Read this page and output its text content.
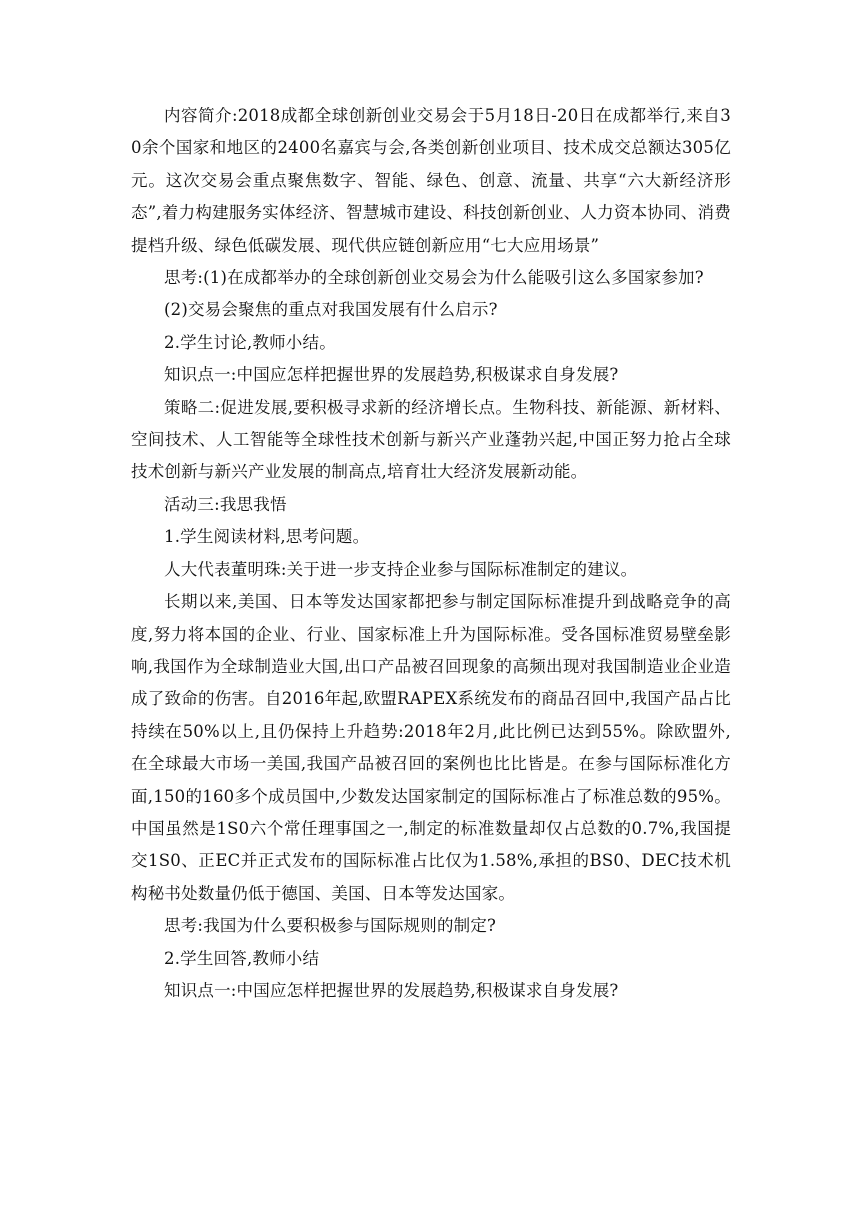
内容简介:2018成都全球创新创业交易会于5月18日-20日在成都举行,来自30余个国家和地区的2400名嘉宾与会,各类创新创业项目、技术成交总额达305亿元。这次交易会重点聚焦数字、智能、绿色、创意、流量、共享“六大新经济形态”,着力构建服务实体经济、智慧城市建设、科技创新创业、人力资本协同、消费提档升级、绿色低碳发展、现代供应链创新应用“七大应用场景”

思考:(1)在成都举办的全球创新创业交易会为什么能吸引这么多国家参加?

(2)交易会聚焦的重点对我国发展有什么启示?

2.学生讨论,教师小结。

知识点一:中国应怎样把握世界的发展趋势,积极谋求自身发展?

策略二:促进发展,要积极寻求新的经济增长点。生物科技、新能源、新材料、空间技术、人工智能等全球性技术创新与新兴产业蓬勃兴起,中国正努力抢占全球技术创新与新兴产业发展的制高点,培育壮大经济发展新动能。

活动三:我思我悟

1.学生阅读材料,思考问题。

人大代表董明珠:关于进一步支持企业参与国际标准制定的建议。

长期以来,美国、日本等发达国家都把参与制定国际标准提升到战略竞争的高度,努力将本国的企业、行业、国家标准上升为国际标准。受各国标准贸易壁垒影响,我国作为全球制造业大国,出口产品被召回现象的高频出现对我国制造业企业造成了致命的伤害。自2016年起,欧盟RAPEX系统发布的商品召回中,我国产品占比持续在50%以上,且仍保持上升趋势:2018年2月,此比例已达到55%。除欧盟外,在全球最大市场一美国,我国产品被召回的案例也比比皆是。在参与国际标准化方面,150的160多个成员国中,少数发达国家制定的国际标准占了标准总数的95%。中国虽然是1S0六个常任理事国之一,制定的标准数量却仅占总数的0.7%,我国提交1S0、正EC并正式发布的国际标准占比仅为1.58%,承担的BS0、DEC技术机构秘书处数量仍低于德国、美国、日本等发达国家。

思考:我国为什么要积极参与国际规则的制定?

2.学生回答,教师小结

知识点一:中国应怎样把握世界的发展趋势,积极谋求自身发展?
